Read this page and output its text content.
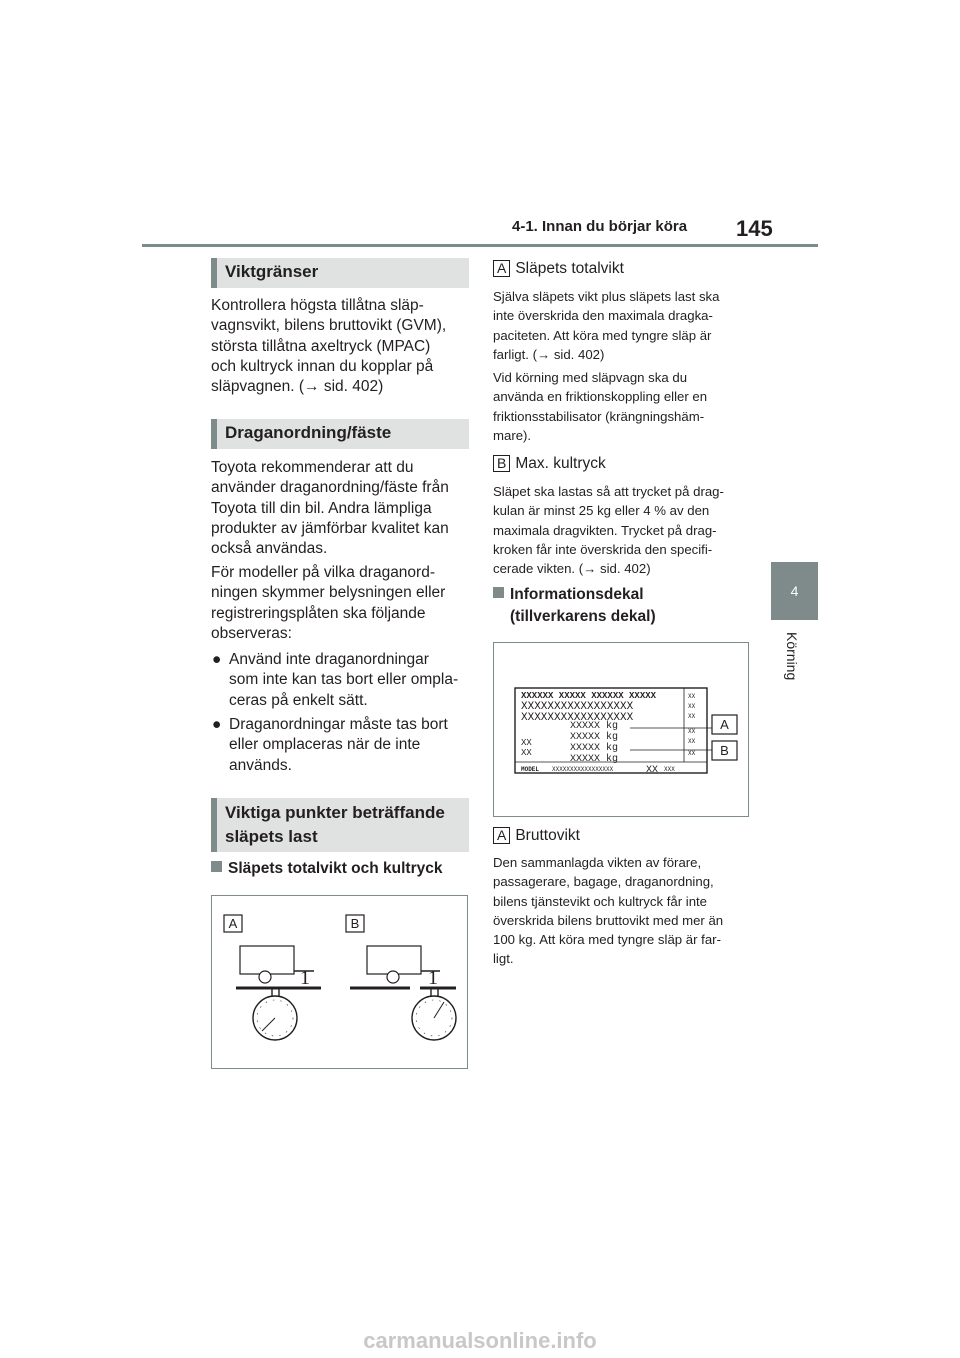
4-1. Innan du börjar köra 145
4
Körning
Viktgränser
Kontrollera högsta tillåtna släp-
vagnsvikt, bilens bruttovikt (GVM),
största tillåtna axeltryck (MPAC)
och kultryck innan du kopplar på
släpvagnen. (→ sid. 402)
Draganordning/fäste
Toyota rekommenderar att du
använder draganordning/fäste från
Toyota till din bil. Andra lämpliga
produkter av jämförbar kvalitet kan
också användas.
För modeller på vilka draganord-
ningen skymmer belysningen eller
registreringsplåten ska följande
observeras:
● Använd inte draganordningar
som inte kan tas bort eller ompla-
ceras på enkelt sätt.
● Draganordningar måste tas bort
eller omplaceras när de inte
används.
Viktiga punkter beträffande
släpets last
Släpets totalvikt och kultryck
A	B
1	1
A Släpets totalvikt
Själva släpets vikt plus släpets last ska
inte överskrida den maximala dragka-
paciteten. Att köra med tyngre släp är
farligt. (→ sid. 402)
Vid körning med släpvagn ska du
använda en friktionskoppling eller en
friktionsstabilisator (krängningshäm-
mare).
B Max. kultryck
Släpet ska lastas så att trycket på drag-
kulan är minst 25 kg eller 4 % av den
maximala dragvikten. Trycket på drag-
kroken får inte överskrida den specifi-
cerade vikten. (→ sid. 402)
Informationsdekal
(tillverkarens dekal)
XXXXXX XXXXX XXXXXX XXXXX
XXXXXXXXXXXXXXXXX
XXXXXXXXXXXXXXXXX
XXXXX kg
XXXXX kg
XXXXX kg
XXXXX kg
XX
XX
MODEL XXXXXXXXXXXXXXXXX	XX XXX
XX
XX
XX
XX
XX
XX
A
B
A Bruttovikt
Den sammanlagda vikten av förare,
passagerare, bagage, draganordning,
bilens tjänstevikt och kultryck får inte
överskrida bilens bruttovikt med mer än
100 kg. Att köra med tyngre släp är far-
ligt.
carmanualsonline.info
